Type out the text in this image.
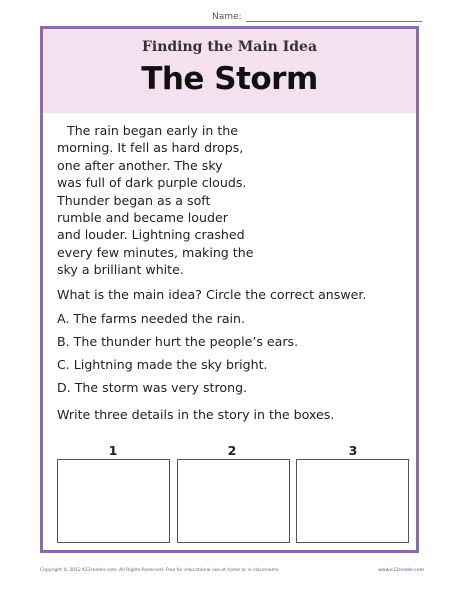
Name:
Finding the Main Idea
The Storm
The rain began early in the
morning. It fell as hard drops,
one after another. The sky
was full of dark purple clouds.
Thunder began as a soft
rumble and became louder
and louder. Lightning crashed
every few minutes, making the
sky a brilliant white.
What is the main idea? Circle the correct answer.
A. The farms needed the rain.
B. The thunder hurt the people’s ears.
C. Lightning made the sky bright.
D. The storm was very strong.
Write three details in the story in the boxes.
1	2	3
Copyright © 2012 K12reader.com. All Rights Reserved. Free for educational use at home or in classrooms.	www.k12reader.com
